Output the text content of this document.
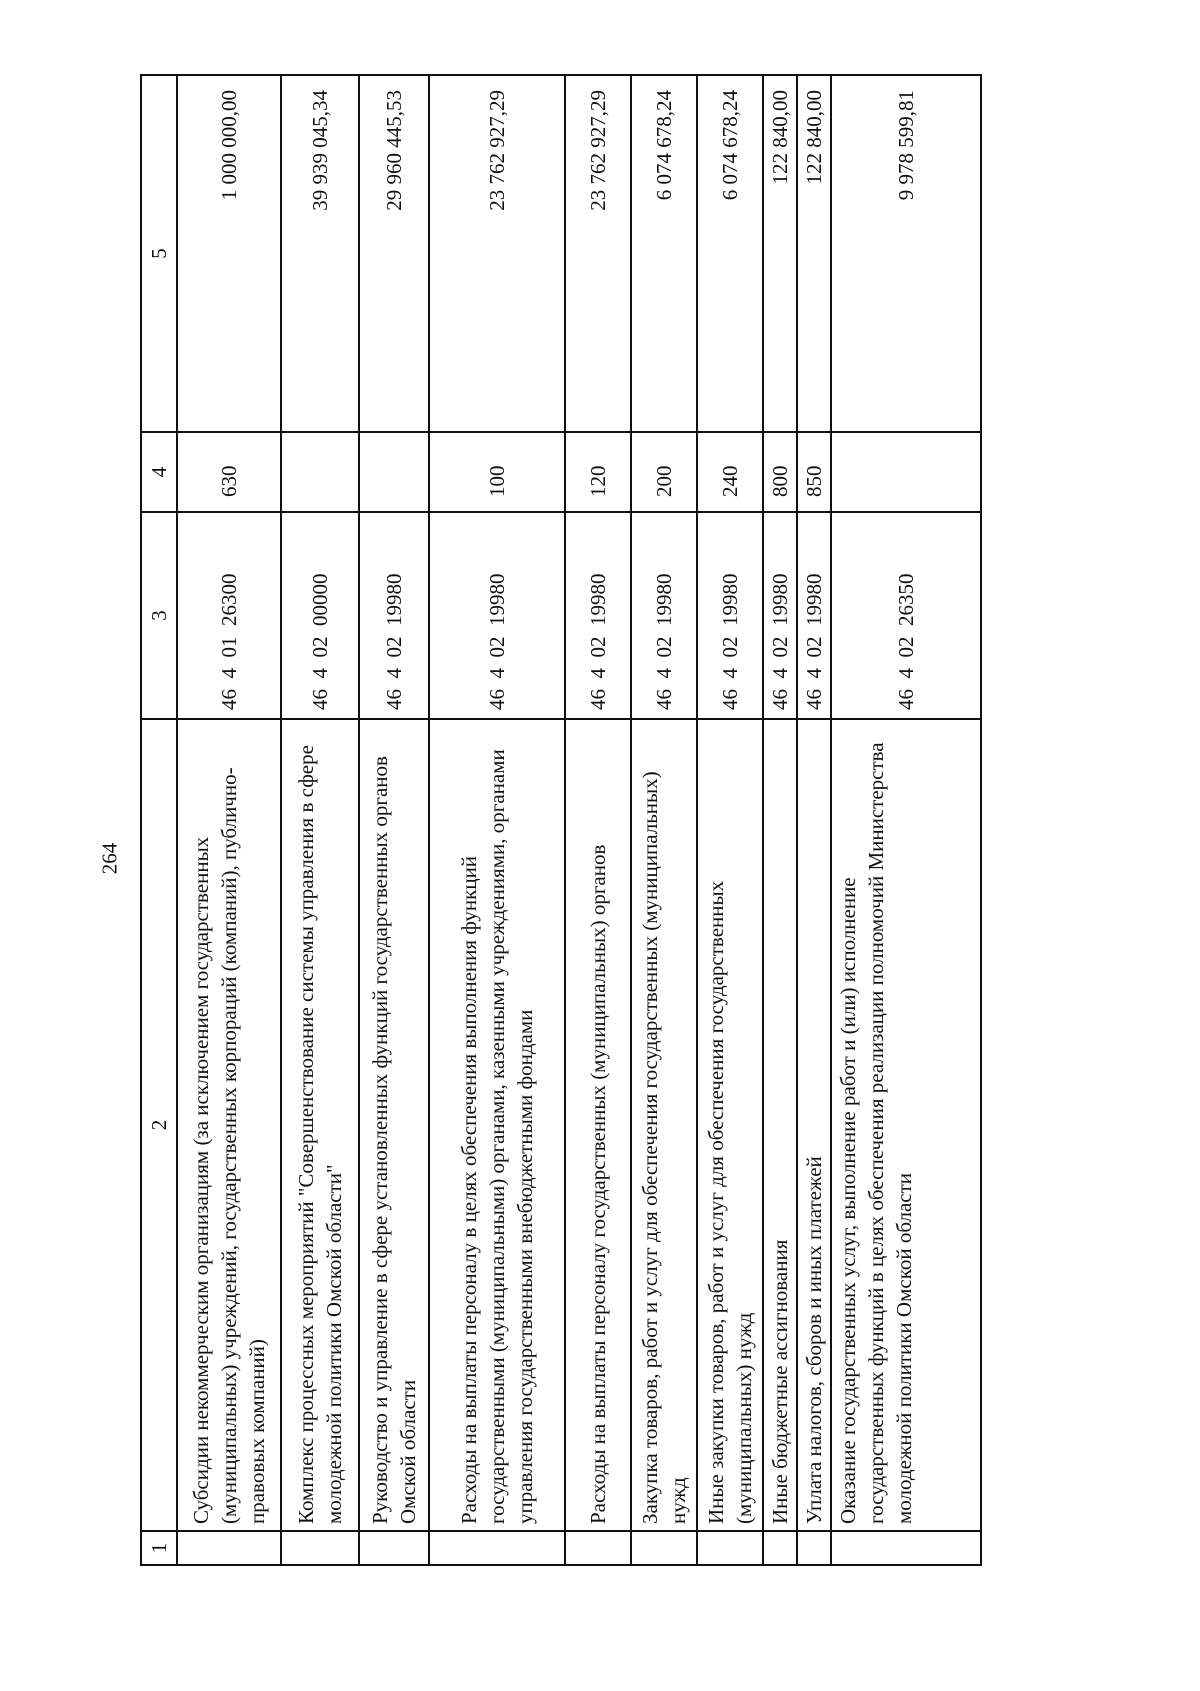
264
1	2	3	4	5
	Субсидии некоммерческим организациям (за исключением государственных (муниципальных) учреждений, государственных корпораций (компаний), публично-правовых компаний)	46  4  01  26300	630	1 000 000,00
	Комплекс процессных мероприятий "Совершенствование системы управления в сфере молодежной политики Омской области"	46  4  02  00000		39 939 045,34
	Руководство и управление в сфере установленных функций государственных органов Омской области	46  4  02  19980		29 960 445,53
	Расходы на выплаты персоналу в целях обеспечения выполнения функций государственными (муниципальными) органами, казенными учреждениями, органами управления государственными внебюджетными фондами	46  4  02  19980	100	23 762 927,29
	Расходы на выплаты персоналу государственных (муниципальных) органов	46  4  02  19980	120	23 762 927,29
	Закупка товаров, работ и услуг для обеспечения государственных (муниципальных) нужд	46  4  02  19980	200	6 074 678,24
	Иные закупки товаров, работ и услуг для обеспечения государственных (муниципальных) нужд	46  4  02  19980	240	6 074 678,24
	Иные бюджетные ассигнования	46  4  02  19980	800	122 840,00
	Уплата налогов, сборов и иных платежей	46  4  02  19980	850	122 840,00
	Оказание государственных услуг, выполнение работ и (или) исполнение государственных функций в целях обеспечения реализации полномочий Министерства молодежной политики Омской области	46  4  02  26350		9 978 599,81
